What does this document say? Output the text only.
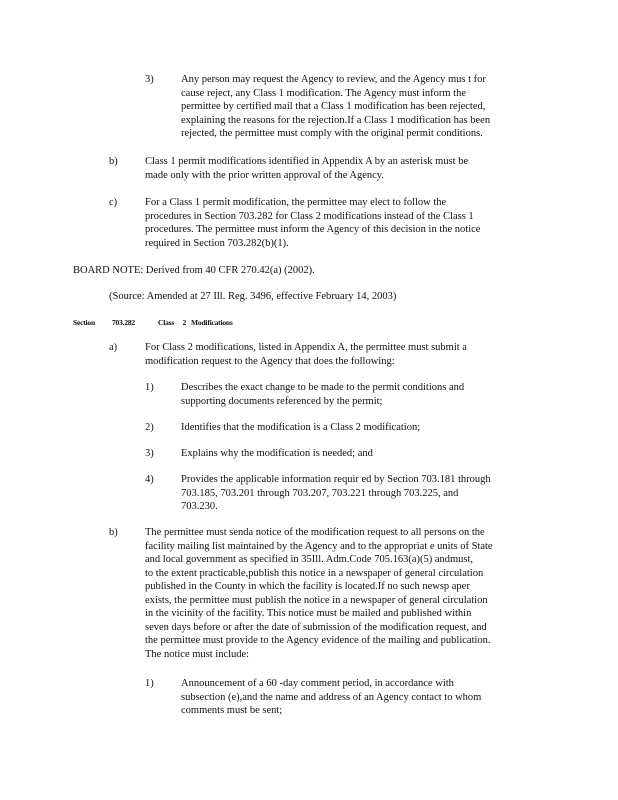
3)	Any person may request the Agency to review, and the Agency mus t for

cause reject, any Class 1 modification. The Agency must inform the

permittee by certified mail that a Class 1 modification has been rejected,

explaining the reasons for the rejection.If a Class 1 modification has been

rejected, the permittee must comply with the original permit conditions.

b)	Class 1 permit modifications identified in Appendix A by an asterisk must be

made only with the prior written approval of the Agency.

c)	For a Class 1 permit modification, the permittee may elect to follow the

procedures in Section 703.282 for Class 2 modifications instead of the Class 1

procedures. The permittee must inform the Agency of this decision in the notice

required in Section 703.282(b)(1).

BOARD NOTE: Derived from 40 CFR 270.42(a) (2002).

(Source: Amended at 27 Ill. Reg. 3496, effective February 14, 2003)

Section 703.282	Class     2   Modifications
a)	For Class 2 modifications, listed in Appendix A, the permittee must submit a

modification request to the Agency that does the following:

1)	Describes the exact change to be made to the permit conditions and

supporting documents referenced by the permit;

2)	Identifies that the modification is a Class 2 modification;

3)	Explains why the modification is needed; and

4)	Provides the applicable information requir ed by Section 703.181 through

703.185, 703.201 through 703.207, 703.221 through 703.225, and

703.230.

b)	The permittee must senda notice of the modification request to all persons on the

facility mailing list maintained by the Agency and to the appropriat e units of State

and local government as specified in 35Ill. Adm.Code 705.163(a)(5) andmust,

to the extent practicable,publish this notice in a newspaper of general circulation

published in the County in which the facility is located.If no such newsp aper

exists, the permittee must publish the notice in a newspaper of general circulation

in the vicinity of the facility. This notice must be mailed and published within

seven days before or after the date of submission of the modification request, and

the permittee must provide to the Agency evidence of the mailing and publication.

The notice must include:

1)	Announcement of a 60 -day comment period, in accordance with

subsection (e),and the name and address of an Agency contact to whom

comments must be sent;
